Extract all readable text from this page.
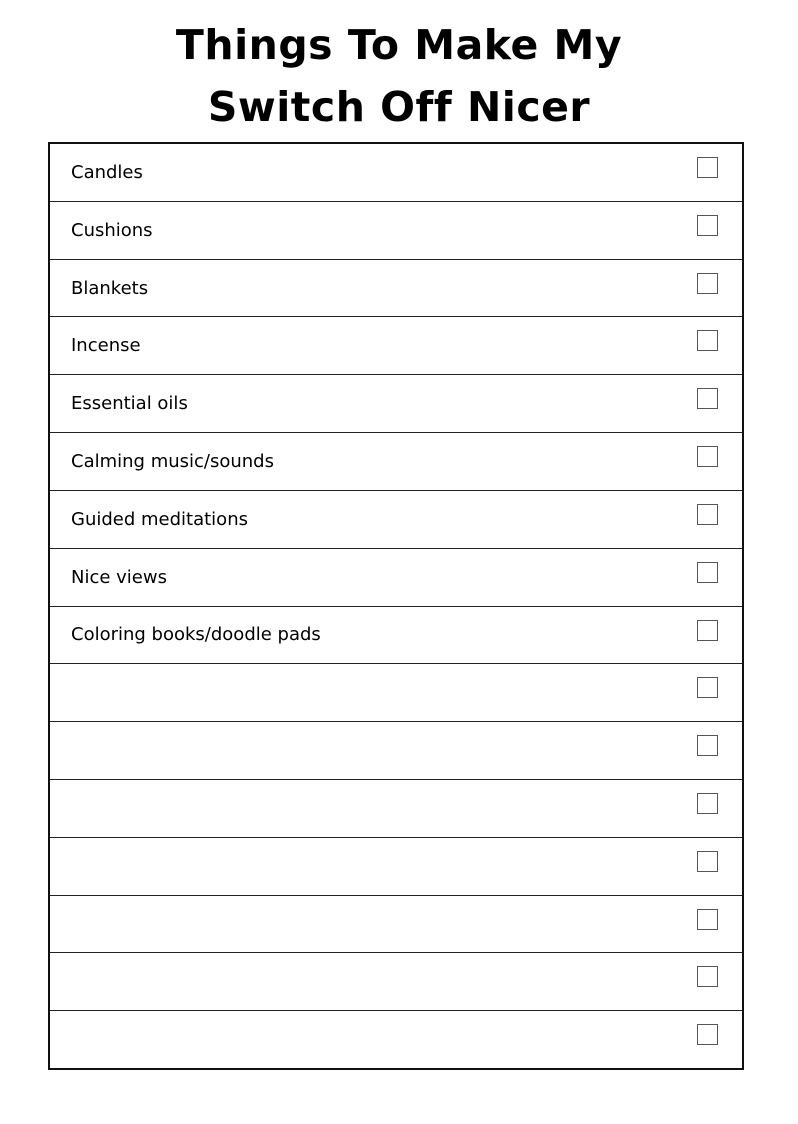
Things To Make My
Switch Off Nicer
Candles
Cushions
Blankets
Incense
Essential oils
Calming music/sounds
Guided meditations
Nice views
Coloring books/doodle pads
